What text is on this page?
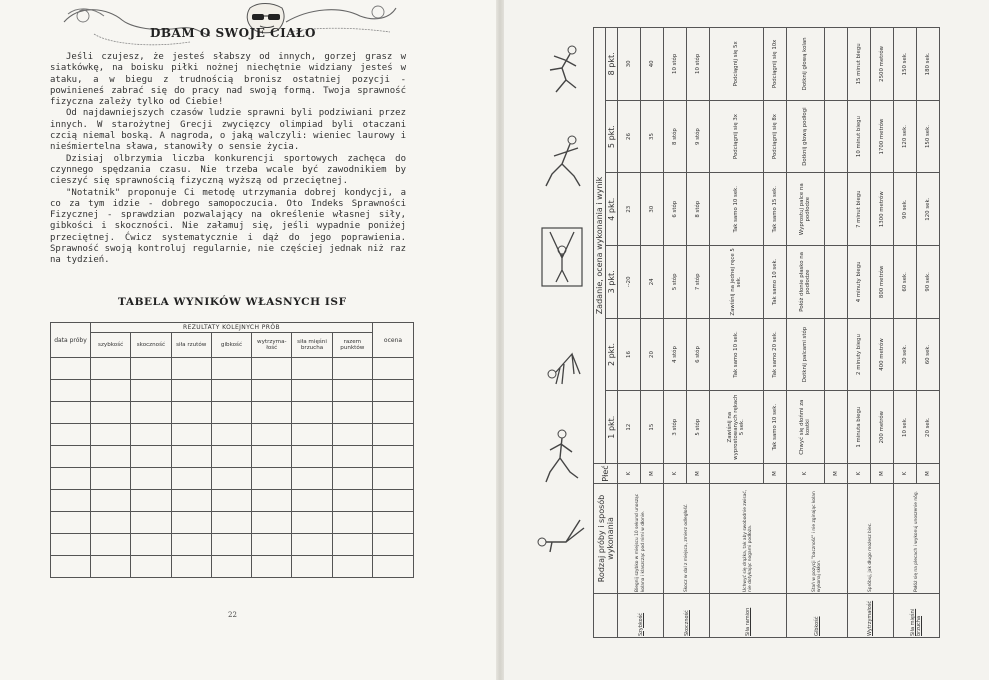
DBAM O SWOJE CIAŁO

Jeśli czujesz, że jesteś słabszy od innych, gorzej grasz w siatkówkę, na boisku piłki nożnej niechętnie widziany jesteś w ataku, a w biegu z trudnością bronisz ostatniej pozycji - powinieneś zabrać się do pracy nad swoją formą. Twoja sprawność fizyczna zależy tylko od Ciebie!

Od najdawniejszych czasów ludzie sprawni byli podziwiani przez innych. W starożytnej Grecji zwycięzcy olimpiad byli otaczani czcią niemal boską. A nagroda, o jaką walczyli: wieniec laurowy i nieśmiertelna sława, stanowiły o sensie życia.

Dzisiaj olbrzymia liczba konkurencji sportowych zachęca do czynnego spędzania czasu. Nie trzeba wcale być zawodnikiem by cieszyć się sprawnością fizyczną wyższą od przeciętnej.

"Notatnik" proponuje Ci metodę utrzymania dobrej kondycji, a co za tym idzie - dobrego samopoczucia. Oto Indeks Sprawności Fizycznej - sprawdzian pozwalający na określenie własnej siły, gibkości i skoczności. Nie załamuj się, jeśli wypadnie poniżej przeciętnej. Ćwicz systematycznie i dąż do jego poprawienia. Sprawność swoją kontroluj regularnie, nie częściej jednak niż raz na tydzień.

TABELA WYNIKÓW WŁASNYCH ISF
data próby	REZULTATY KOLEJNYCH PRÓB							ocena
	szybkość	skoczność	siła rzutów	gibkość	wytrzyma-łość	siła mięśni brzucha	razem punktów	

22
	Rodzaj próby i sposób wykonania	Płeć	Zadanie, ocena wykonania i wynik					
			1 pkt.	2 pkt.	3 pkt.	4 pkt.	5 pkt.	8 pkt.
Szybkość	Biegnij szybko w miejscu 10 sekund unosząc kolana i klaszcząc pod nimi w dłonie.	K	12	16	--20	23	26	30
		M	15	20	24	30	35	40
Skoczność	Skocz w dal z miejsca, zmierz odległość.	K	3 stóp	4 stóp	5 stóp	6 stóp	8 stóp	10 stóp
		M	5 stóp	6 stóp	7 stóp	8 stóp	9 stóp	10 stóp
Siła ramion	Uchwyć się drążka, tak aby swobodnie zwisać, nie dotykając nogami podłoża.		Zawiśnij na wyprostowanych rękach 5 sek.	Tak samo 10 sek.	Zawiśnij na jednej ręce 5 sek.	Tak samo 10 sek.	Podciągnij się 3x	Podciągnij się 5x
		M	Tak samo 10 sek.	Tak samo 20 sek.	Tak samo 10 sek.	Tak samo 15 sek.	Podciągnij się 8x	Podciągnij się 10x
Gibkość	Stań w pozycji "baczność" i nie zginając kolan wykonaj skłon.	K	Chwyć się dłońmi za kostki	Dotknij palcami stóp	Połóż dłonie płasko na podłodze	Wyprostuj palce na podłodze	Dotknij głową podłogi	Dotknij głową kolan
		M						
Wytrzymałość	Spróbuj, jak długo możesz biec.	K	1 minuta biegu	2 minuty biegu	4 minuty biegu	7 minut biegu	10 minut biegu	15 minut biegu
		M	200 metrów	400 metrów	800 metrów	1300 metrów	1700 metrów	2500 metrów
Siła mięśni brzucha	Połóż się na plecach i wykonuj unoszenie nóg.	K	10 sek.	30 sek.	60 sek.	90 sek.	120 sek.	150 sek.
		M	20 sek.	60 sek.	90 sek.	120 sek.	150 sek.	180 sek.
